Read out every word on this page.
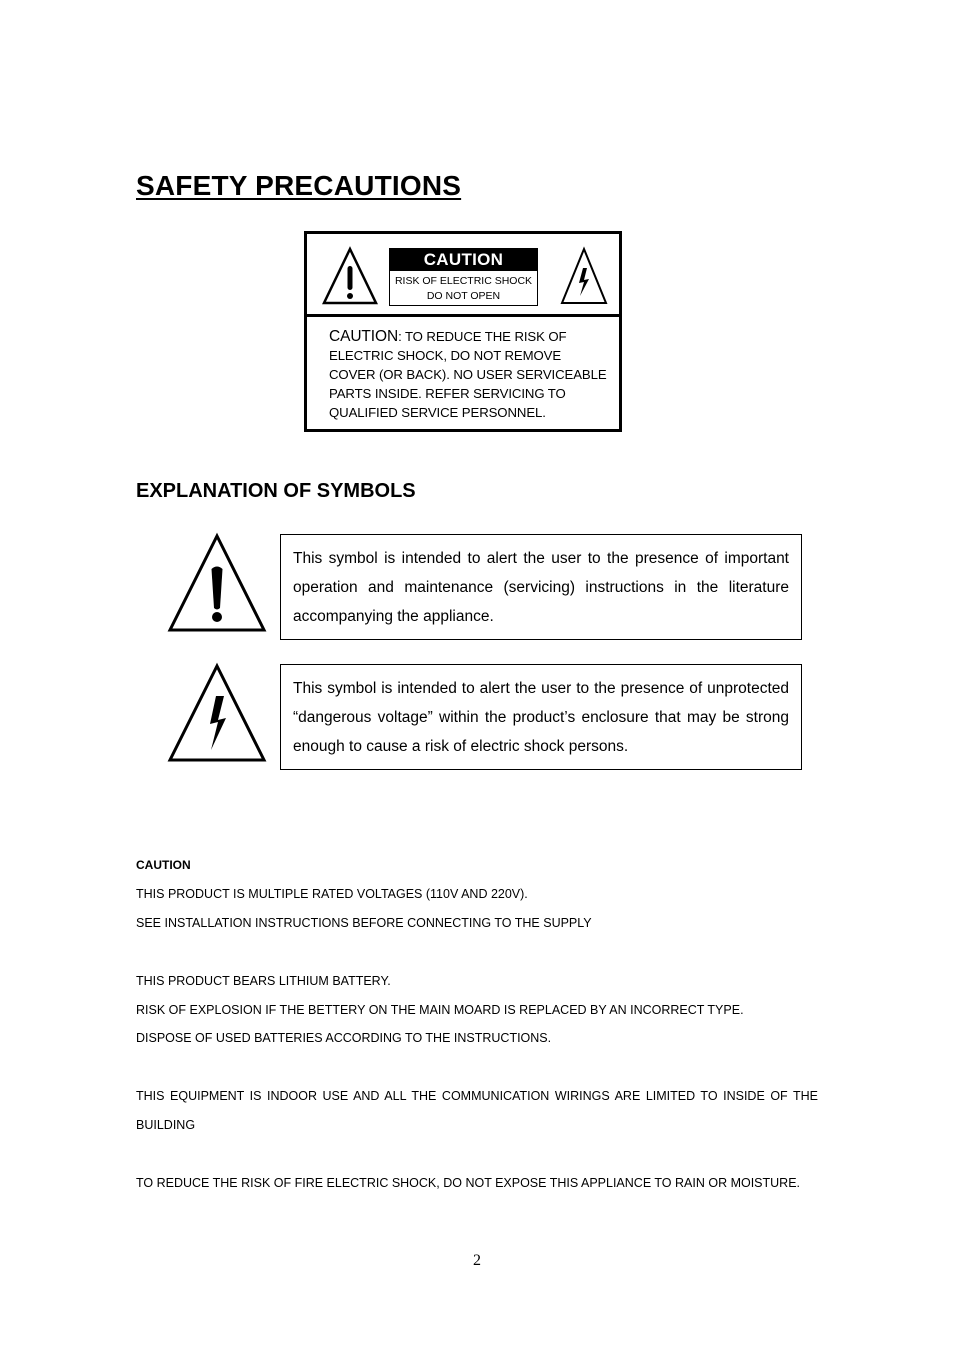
SAFETY PRECAUTIONS
CAUTION
RISK OF ELECTRIC SHOCK
DO NOT OPEN
CAUTION: TO REDUCE THE RISK OF
ELECTRIC SHOCK, DO NOT REMOVE
COVER (OR BACK). NO USER SERVICEABLE
PARTS INSIDE. REFER SERVICING TO
QUALIFIED SERVICE PERSONNEL.
EXPLANATION OF SYMBOLS
This symbol is intended to alert the user to the presence of important operation and maintenance (servicing) instructions in the literature accompanying the appliance.
This symbol is intended to alert the user to the presence of unprotected “dangerous voltage” within the product’s enclosure that may be strong enough to cause a risk of electric shock persons.
CAUTION
THIS PRODUCT IS MULTIPLE RATED VOLTAGES (110V AND 220V).
SEE INSTALLATION INSTRUCTIONS BEFORE CONNECTING TO THE SUPPLY
THIS PRODUCT BEARS LITHIUM BATTERY.
RISK OF EXPLOSION IF THE BETTERY ON THE MAIN MOARD IS REPLACED BY AN INCORRECT TYPE.
DISPOSE OF USED BATTERIES ACCORDING TO THE INSTRUCTIONS.
THIS EQUIPMENT IS INDOOR USE AND ALL THE COMMUNICATION WIRINGS ARE LIMITED TO INSIDE OF THE
BUILDING
TO REDUCE THE RISK OF FIRE ELECTRIC SHOCK, DO NOT EXPOSE THIS APPLIANCE TO RAIN OR MOISTURE.
2
